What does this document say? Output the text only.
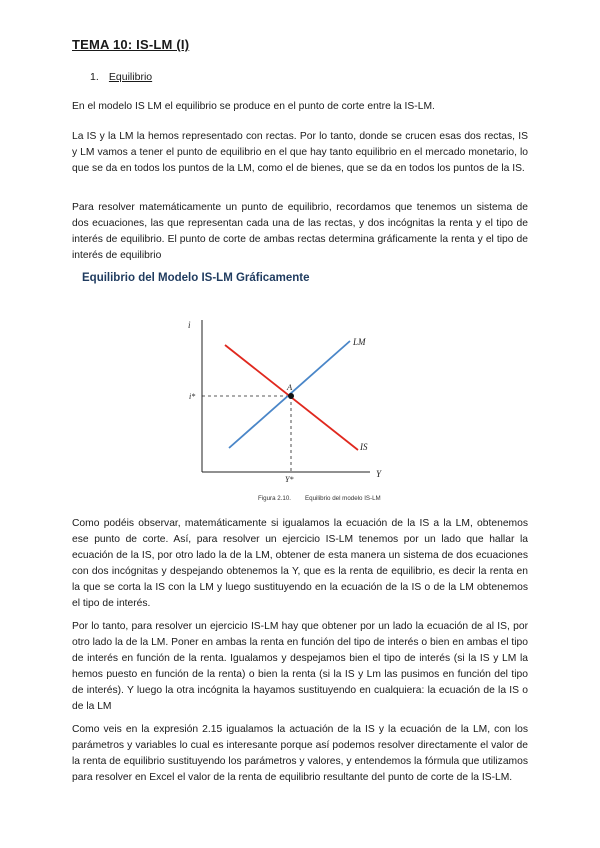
TEMA 10: IS-LM (I)
1. Equilibrio

En el modelo IS LM el equilibrio se produce en el punto de corte entre la IS-LM.

La IS y la LM la hemos representado con rectas. Por lo tanto, donde se crucen esas dos rectas, IS y LM vamos a tener el punto de equilibrio en el que hay tanto equilibrio en el mercado monetario, lo que se da en todos los puntos de la LM, como el de bienes, que se da en todos los puntos de la IS.

Para resolver matemáticamente un punto de equilibrio, recordamos que tenemos un sistema de dos ecuaciones, las que representan cada una de las rectas, y dos incógnitas la renta y el tipo de interés de equilibrio. El punto de corte de ambas rectas determina gráficamente la renta y el tipo de interés de equilibrio

Equilibrio del Modelo IS-LM Gráficamente
i
Y
LM
IS
A
i*
Y*
Figura 2.10. Equilibrio del modelo IS-LM

Como podéis observar, matemáticamente si igualamos la ecuación de la IS a la LM, obtenemos ese punto de corte. Así, para resolver un ejercicio IS-LM tenemos por un lado que hallar la ecuación de la IS, por otro lado la de la LM, obtener de esta manera un sistema de dos ecuaciones con dos incógnitas y despejando obtenemos la Y, que es la renta de equilibrio, es decir la renta en la que se corta la IS con la LM y luego sustituyendo en la ecuación de la IS o de la LM obtenemos el tipo de interés.

Por lo tanto, para resolver un ejercicio IS-LM hay que obtener por un lado la ecuación de al IS, por otro lado la de la LM. Poner en ambas la renta en función del tipo de interés o bien en ambas el tipo de interés en función de la renta. Igualamos y despejamos bien el tipo de interés (si la IS y LM la hemos puesto en función de la renta) o bien la renta (si la IS y Lm las pusimos en función del tipo de interés). Y luego la otra incógnita la hayamos sustituyendo en cualquiera: la ecuación de la IS o de la LM

Como veis en la expresión 2.15 igualamos la actuación de la IS y la ecuación de la LM, con los parámetros y variables lo cual es interesante porque así podemos resolver directamente el valor de la renta de equilibrio sustituyendo los parámetros y valores, y entendemos la fórmula que utilizamos para resolver en Excel el valor de la renta de equilibrio resultante del punto de corte de la IS-LM.
